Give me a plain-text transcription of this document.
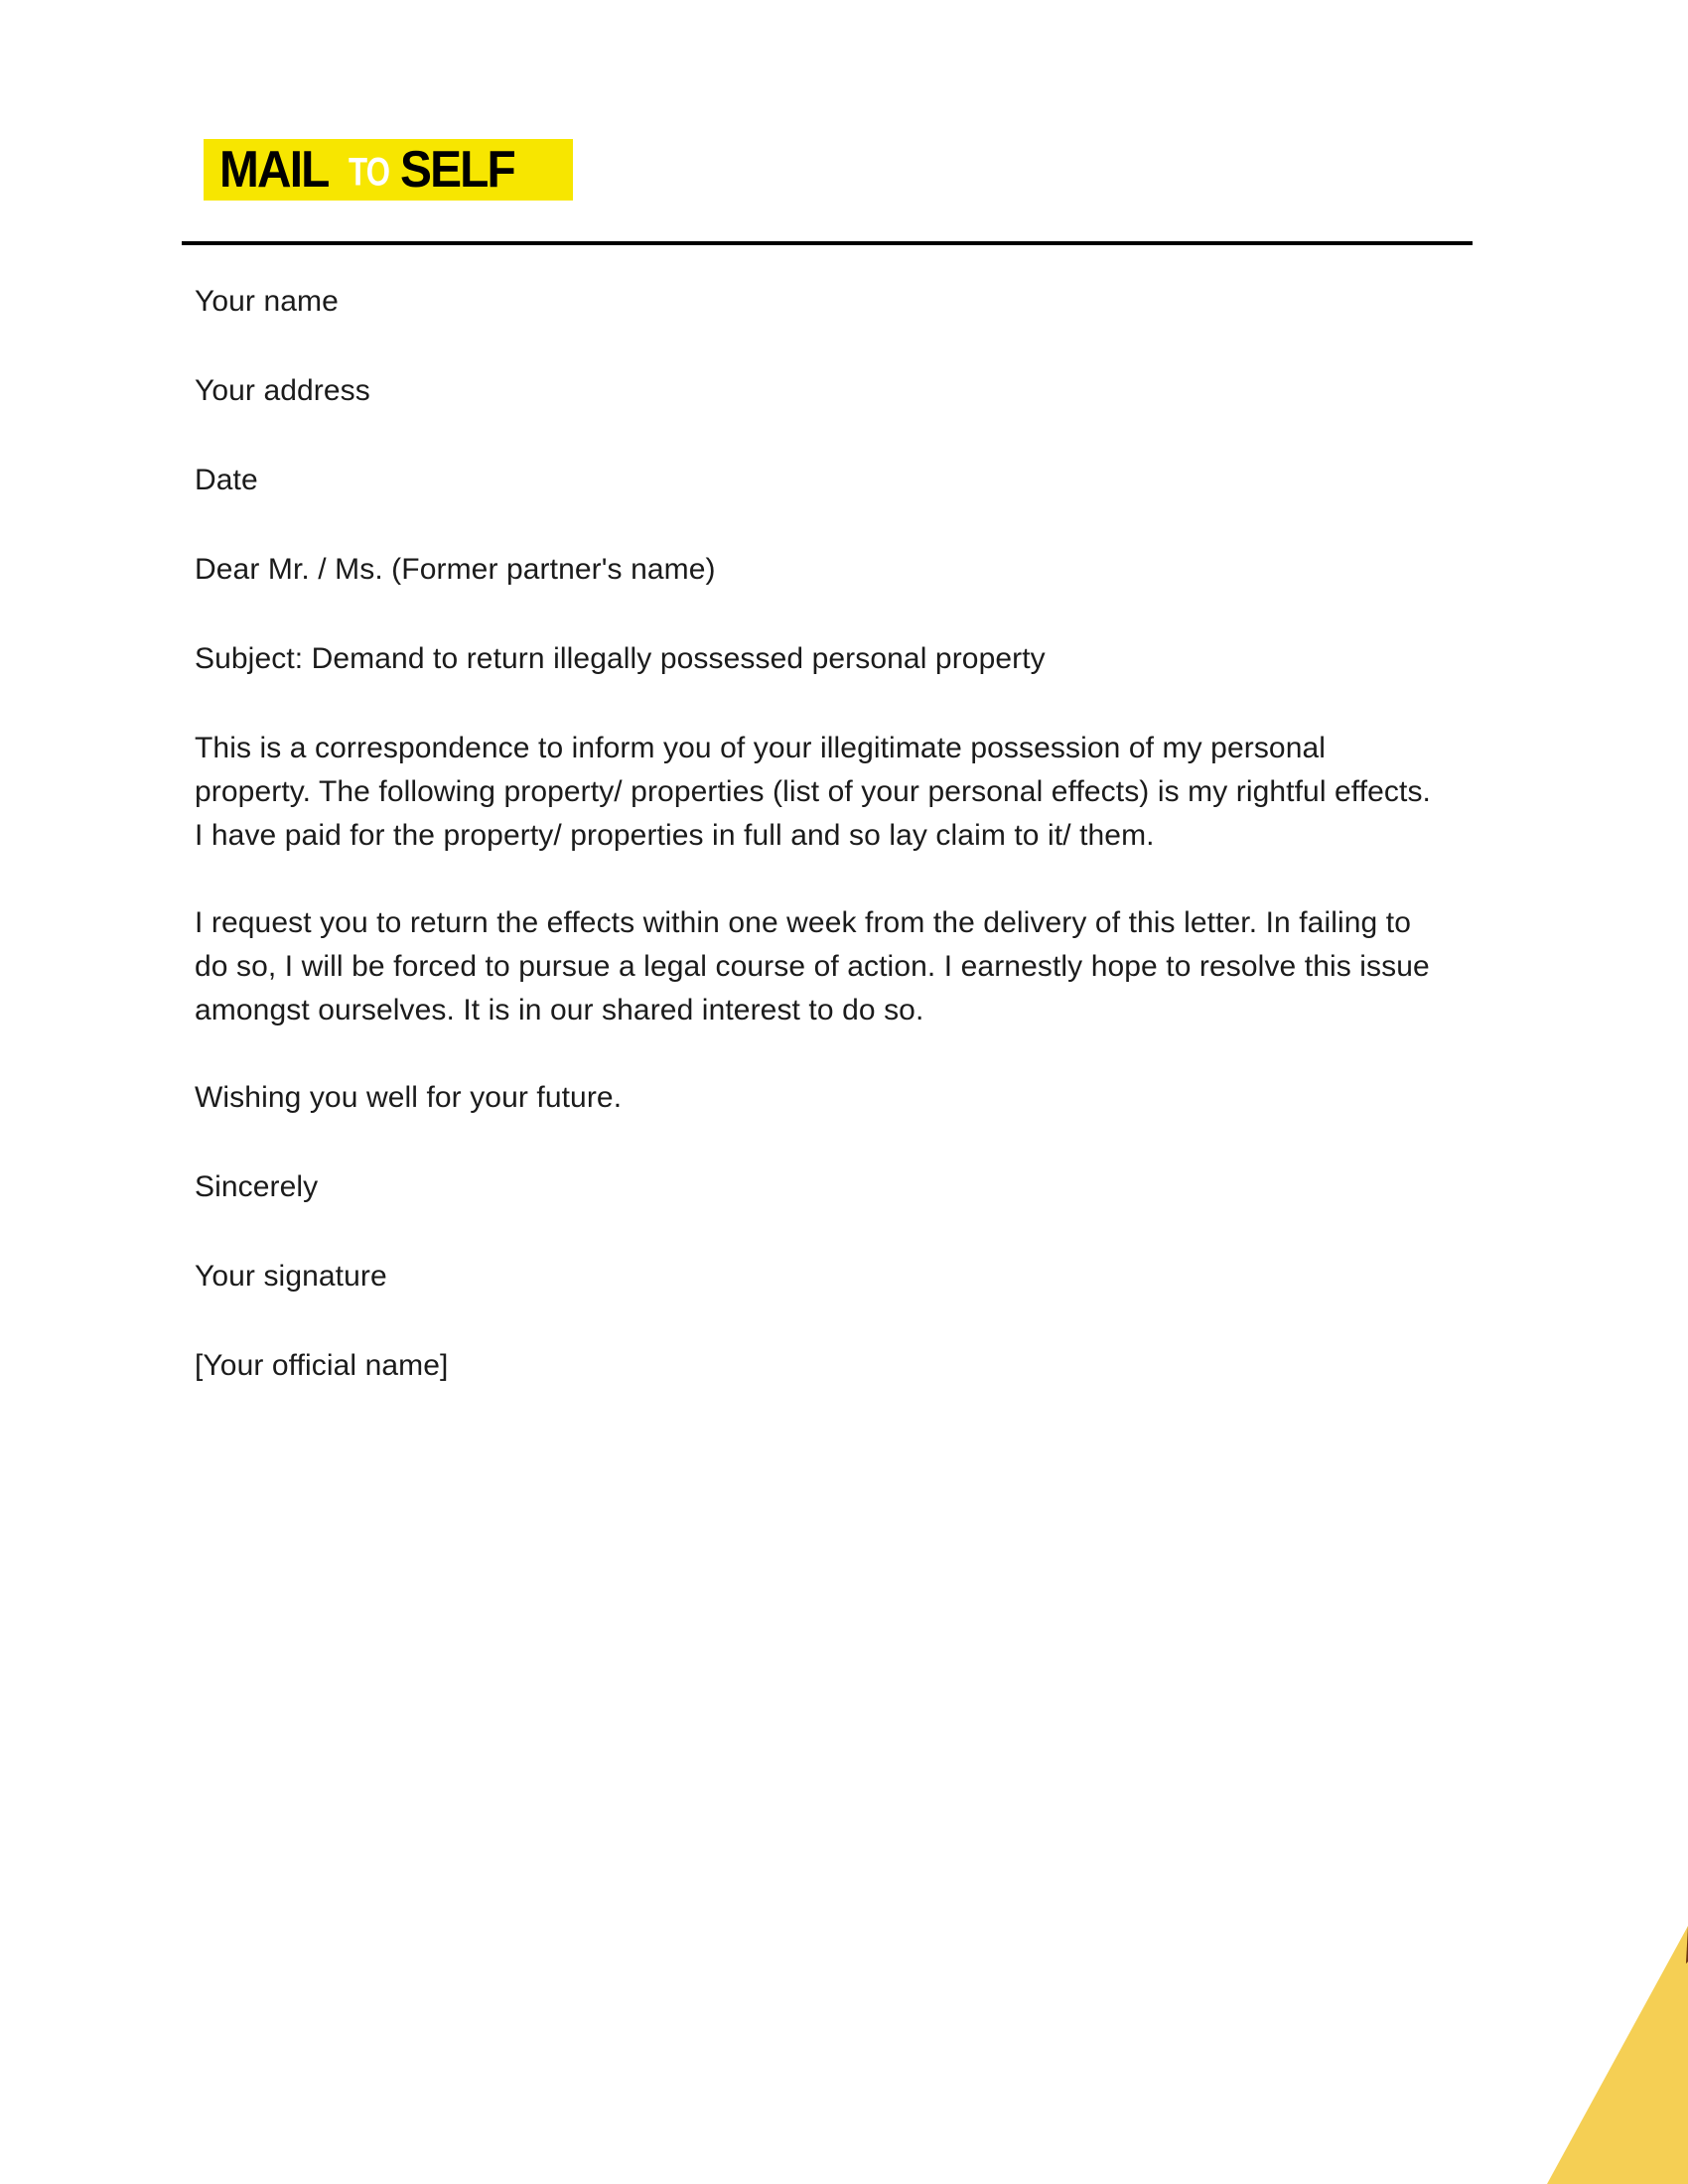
MAIL TO SELF

Your name

Your address

Date

Dear Mr. / Ms. (Former partner's name)

Subject: Demand to return illegally possessed personal property

This is a correspondence to inform you of your illegitimate possession of my personal property. The following property/ properties (list of your personal effects) is my rightful effects. I have paid for the property/ properties in full and so lay claim to it/ them.

I request you to return the effects within one week from the delivery of this letter. In failing to do so, I will be forced to pursue a legal course of action. I earnestly hope to resolve this issue amongst ourselves. It is in our shared interest to do so.

Wishing you well for your future.

Sincerely

Your signature

[Your official name]
